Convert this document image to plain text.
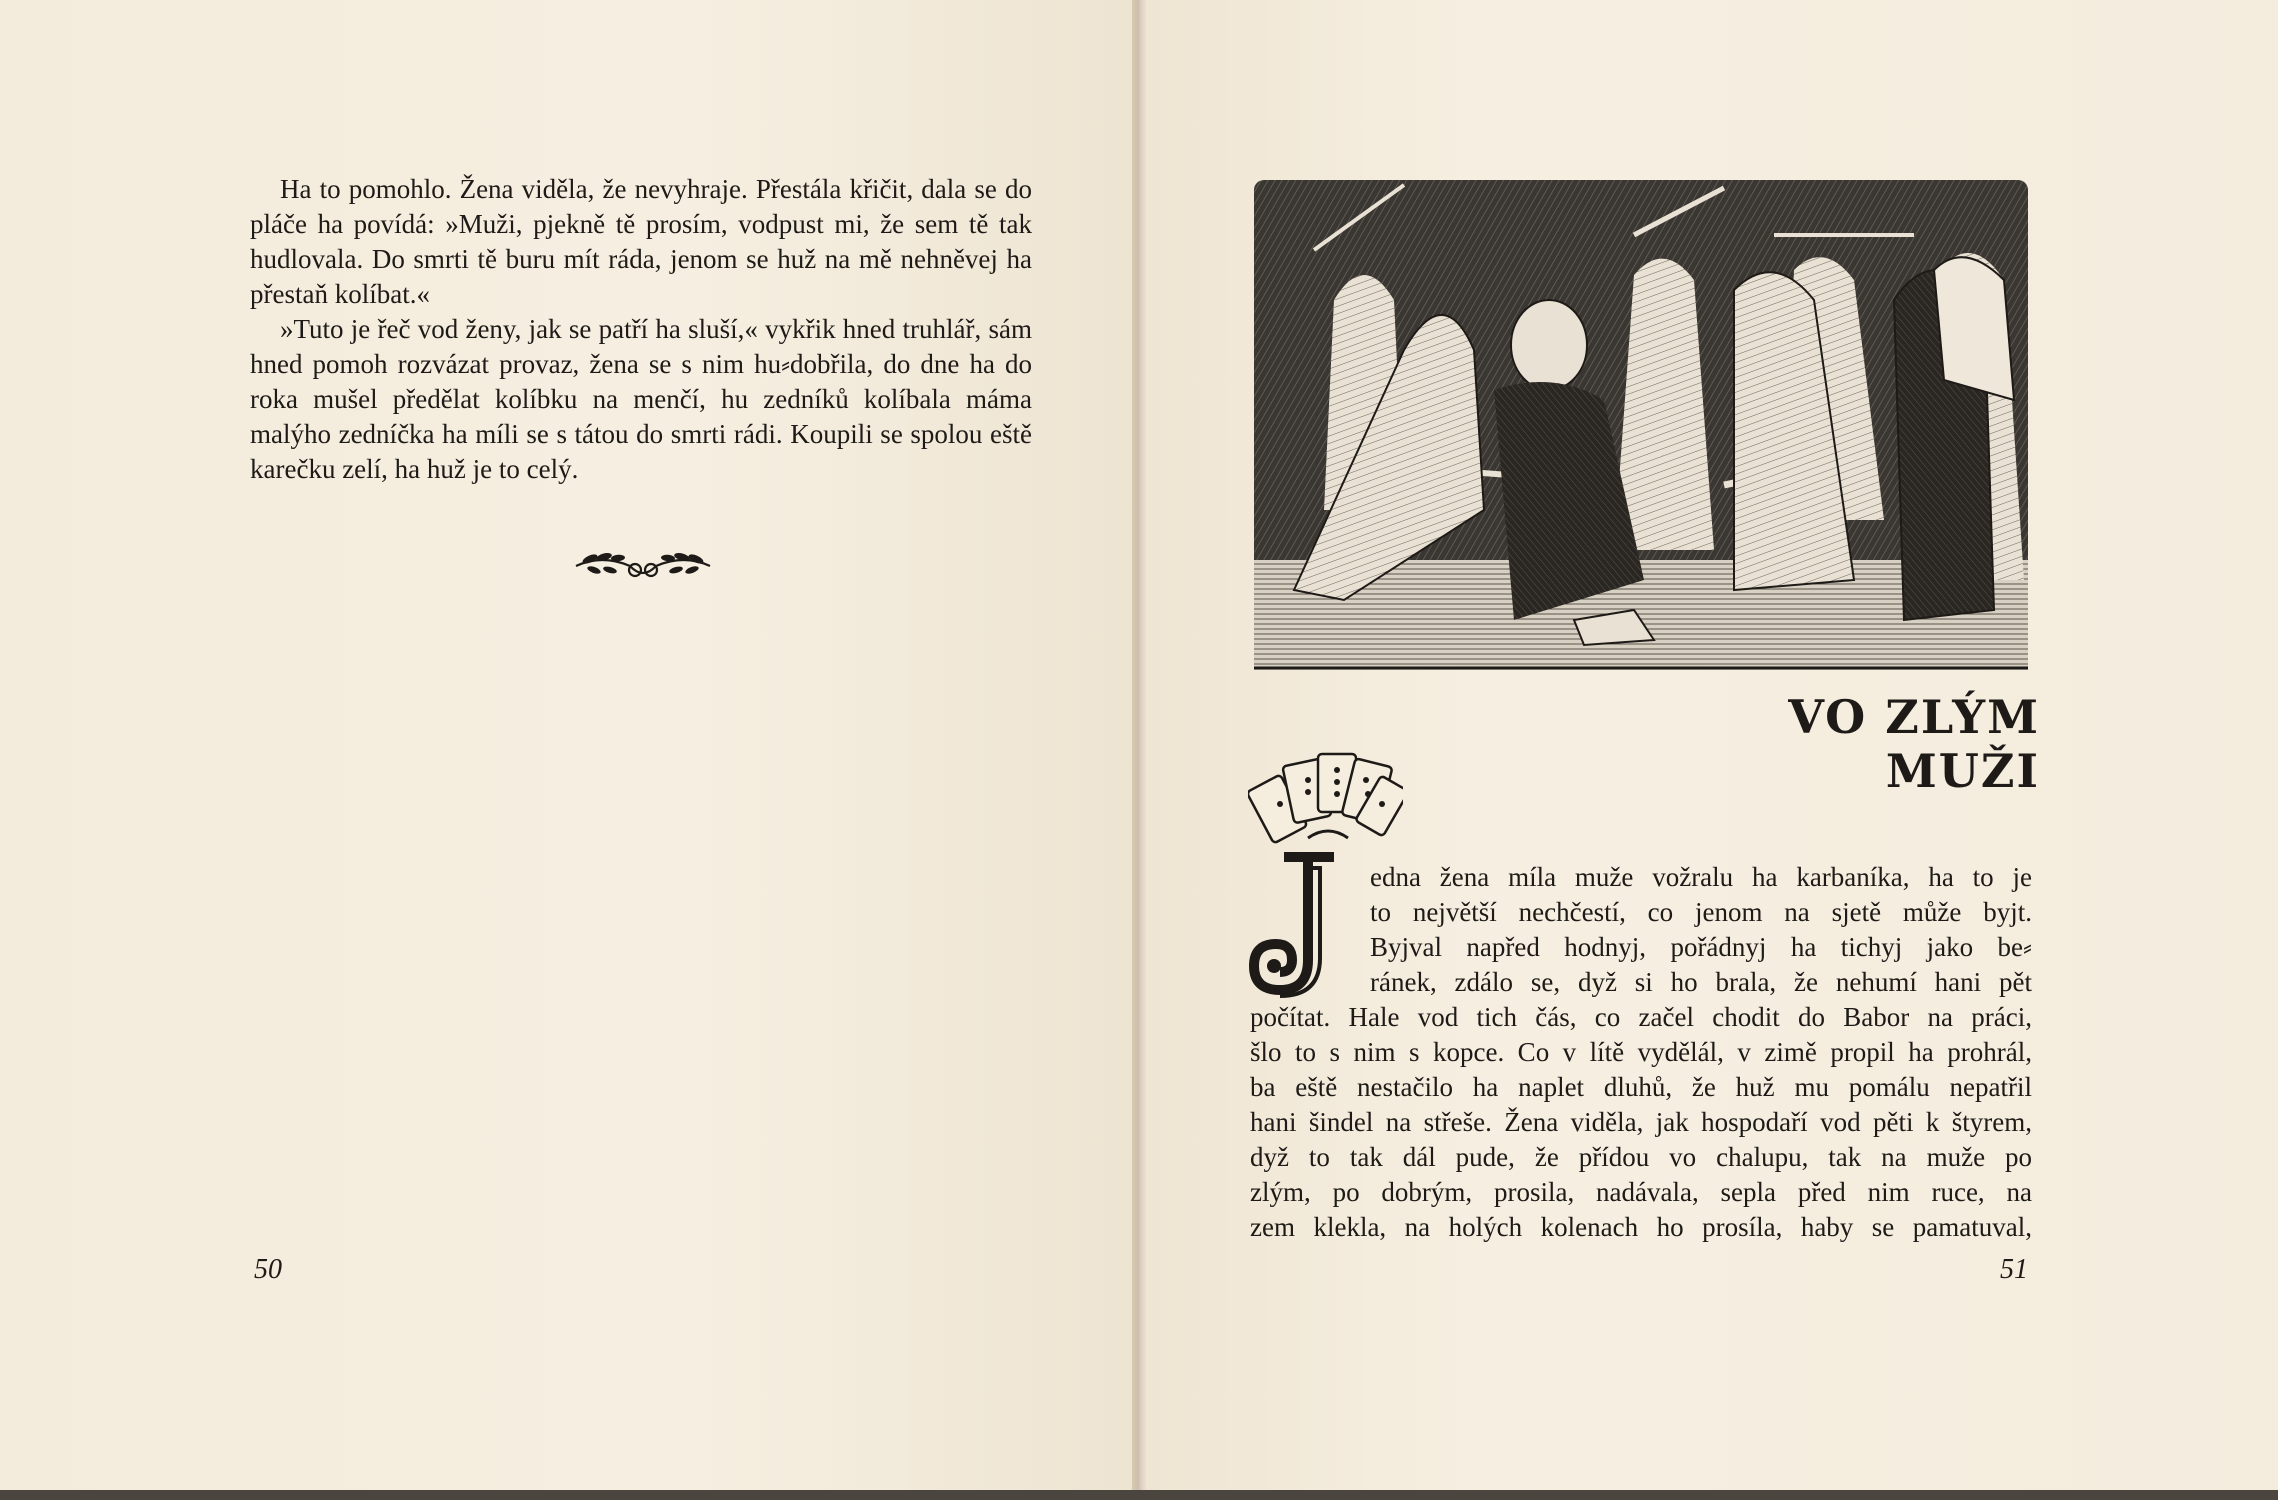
Ha to pomohlo. Žena viděla, že nevyhraje. Přestála křičit, dala se do pláče ha povídá: »Muži, pjekně tě prosím, vodpust mi, že sem tě tak hudlovala. Do smrti tě buru mít ráda, jenom se huž na mě nehněvej ha přestaň kolíbat.«

»Tuto je řeč vod ženy, jak se patří ha sluší,« vykřik hned truhlář, sám hned pomoh rozvázat provaz, žena se s nim hu⸗dobřila, do dne ha do roka mušel předělat kolíbku na menčí, hu zedníků kolíbala máma malýho zedníčka ha míli se s tátou do smrti rádi. Koupili se spolou eště karečku zelí, ha huž je to celý.

50
VO ZLÝM MUŽI

edna žena míla muže vožralu ha karbaníka, ha to je

to největší nechčestí, co jenom na sjetě může byjt.

Byjval napřed hodnyj, pořádnyj ha tichyj jako be⸗

ránek, zdálo se, dyž si ho brala, že nehumí hani pět

počítat. Hale vod tich čás, co začel chodit do Babor na práci,

šlo to s nim s kopce. Co v lítě vydělál, v zimě propil ha prohrál,

ba eště nestačilo ha naplet dluhů, že huž mu pomálu nepatřil

hani šindel na střeše. Žena viděla, jak hospodaří vod pěti k štyrem,

dyž to tak dál pude, že přídou vo chalupu, tak na muže po

zlým, po dobrým, prosila, nadávala, sepla před nim ruce, na

zem klekla, na holých kolenach ho prosíla, haby se pamatuval,

51
